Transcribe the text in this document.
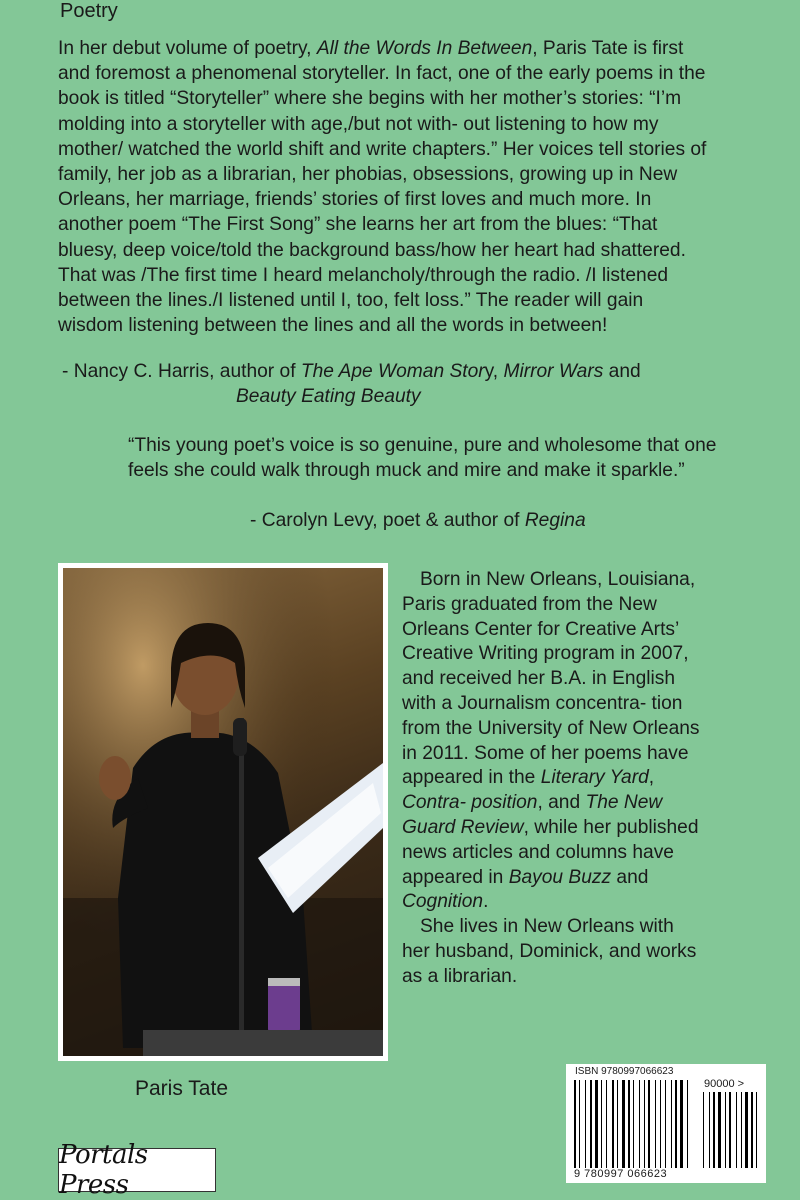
Poetry

In her debut volume of poetry, All the Words In Between, Paris Tate is first and foremost a phenomenal storyteller. In fact, one of the early poems in the book is titled “Storyteller” where she begins with her mother’s stories: “I’m molding into a storyteller with age,/but not with- out listening to how my mother/ watched the world shift and write chapters.” Her voices tell stories of family, her job as a librarian, her phobias, obsessions, growing up in New Orleans, her marriage, friends’ stories of first loves and much more. In another poem “The First Song” she learns her art from the blues: “That bluesy, deep voice/told the background bass/how her heart had shattered. That was /The first time I heard melancholy/through the radio. /I listened between the lines./I listened until I, too, felt loss.” The reader will gain wisdom listening between the lines and all the words in between!

- Nancy C. Harris, author of The Ape Woman Story, Mirror Wars and
Beauty Eating Beauty
“This young poet’s voice is so genuine, pure and wholesome that one feels she could walk through muck and mire and make it sparkle.”
- Carolyn Levy, poet & author of Regina
Paris Tate

Born in New Orleans, Louisiana, Paris graduated from the New Orleans Center for Creative Arts’ Creative Writing program in 2007, and received her B.A. in English with a Journalism concentra- tion from the University of New Orleans in 2011. Some of her poems have appeared in the Literary Yard, Contra- position, and The New Guard Review, while her published news articles and columns have appeared in Bayou Buzz and Cognition.

She lives in New Orleans with her husband, Dominick, and works as a librarian.

ISBN 9780997066623
90000 >
9 780997 066623
Portals Press
